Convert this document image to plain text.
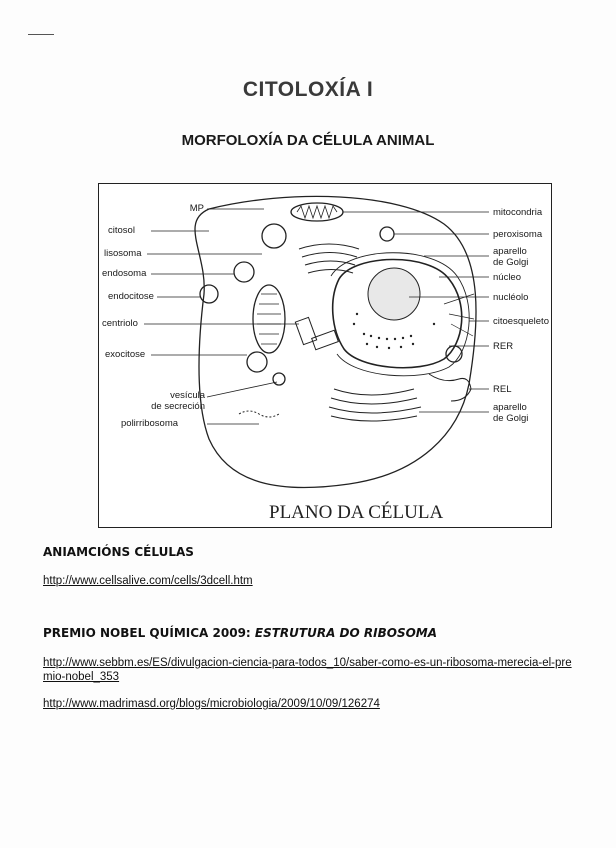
CITOLOXÍA I
MORFOLOXÍA DA CÉLULA ANIMAL
MP
citosol
lisosoma
endosoma
endocitose
centriolo
exocitose
vesícula
de secreción
polirribosoma
mitocondria
peroxisoma
aparello
de Golgi
núcleo
nucléolo
citoesqueleto
RER
REL
aparello
de Golgi
PLANO DA CÉLULA
ANIAMCIÓNS CÉLULAS
http://www.cellsalive.com/cells/3dcell.htm
PREMIO NOBEL QUÍMICA 2009: ESTRUTURA DO RIBOSOMA
http://www.sebbm.es/ES/divulgacion-ciencia-para-todos_10/saber-como-es-un-ribosoma-merecia-el-premio-nobel_353
http://www.madrimasd.org/blogs/microbiologia/2009/10/09/126274
